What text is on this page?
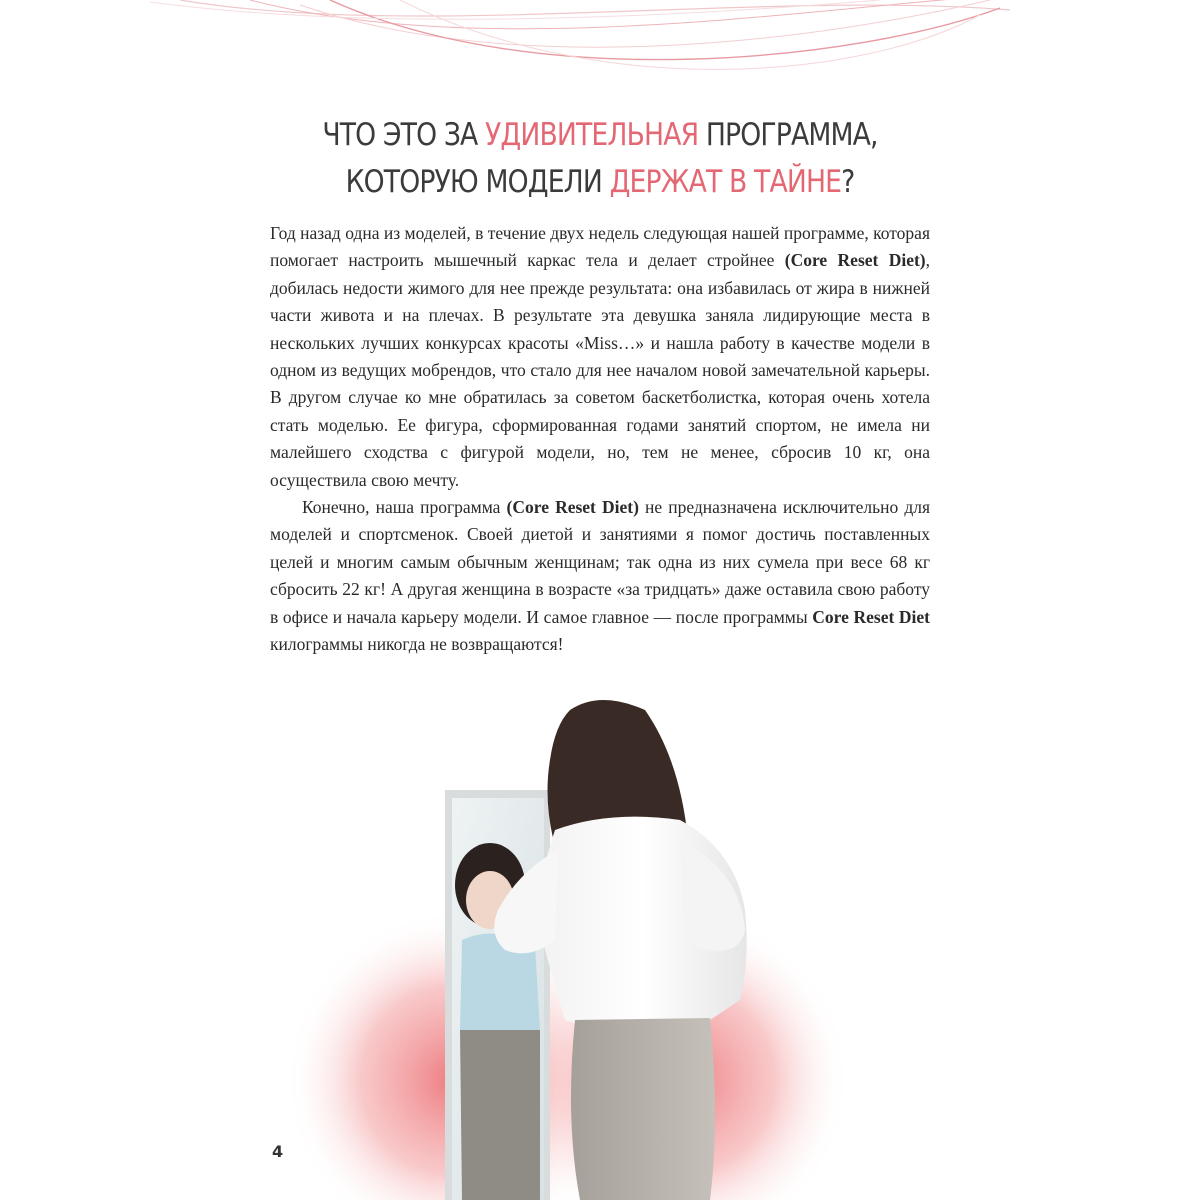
ЧТО ЭТО ЗА УДИВИТЕЛЬНАЯ ПРОГРАММА,
КОТОРУЮ МОДЕЛИ ДЕРЖАТ В ТАЙНЕ?

Год назад одна из моделей, в течение двух недель следующая нашей программе, которая помогает настроить мышечный каркас тела и делает стройнее (Core Reset Diet), добилась недости жимого для нее прежде результата: она избавилась от жира в нижней части живота и на плечах. В результате эта девушка заняла лидирующие места в нескольких лучших конкурсах красоты «Miss…» и нашла работу в качестве модели в одном из ведущих мобрендов, что стало для нее началом новой замечательной карьеры. В другом случае ко мне обратилась за советом баскетболистка, которая очень хотела стать моделью. Ее фигура, сформированная годами занятий спортом, не имела ни малейшего сходства с фигурой модели, но, тем не менее, сбросив 10 кг, она осуществила свою мечту.

Конечно, наша программа (Core Reset Diet) не предназначена исключительно для моделей и спортсменок. Своей диетой и занятиями я помог достичь поставленных целей и многим самым обычным женщинам; так одна из них сумела при весе 68 кг сбросить 22 кг! А другая женщина в возрасте «за тридцать» даже оставила свою работу в офисе и начала карьеру модели. И самое главное — после программы Core Reset Diet килограммы никогда не возвращаются!

4
